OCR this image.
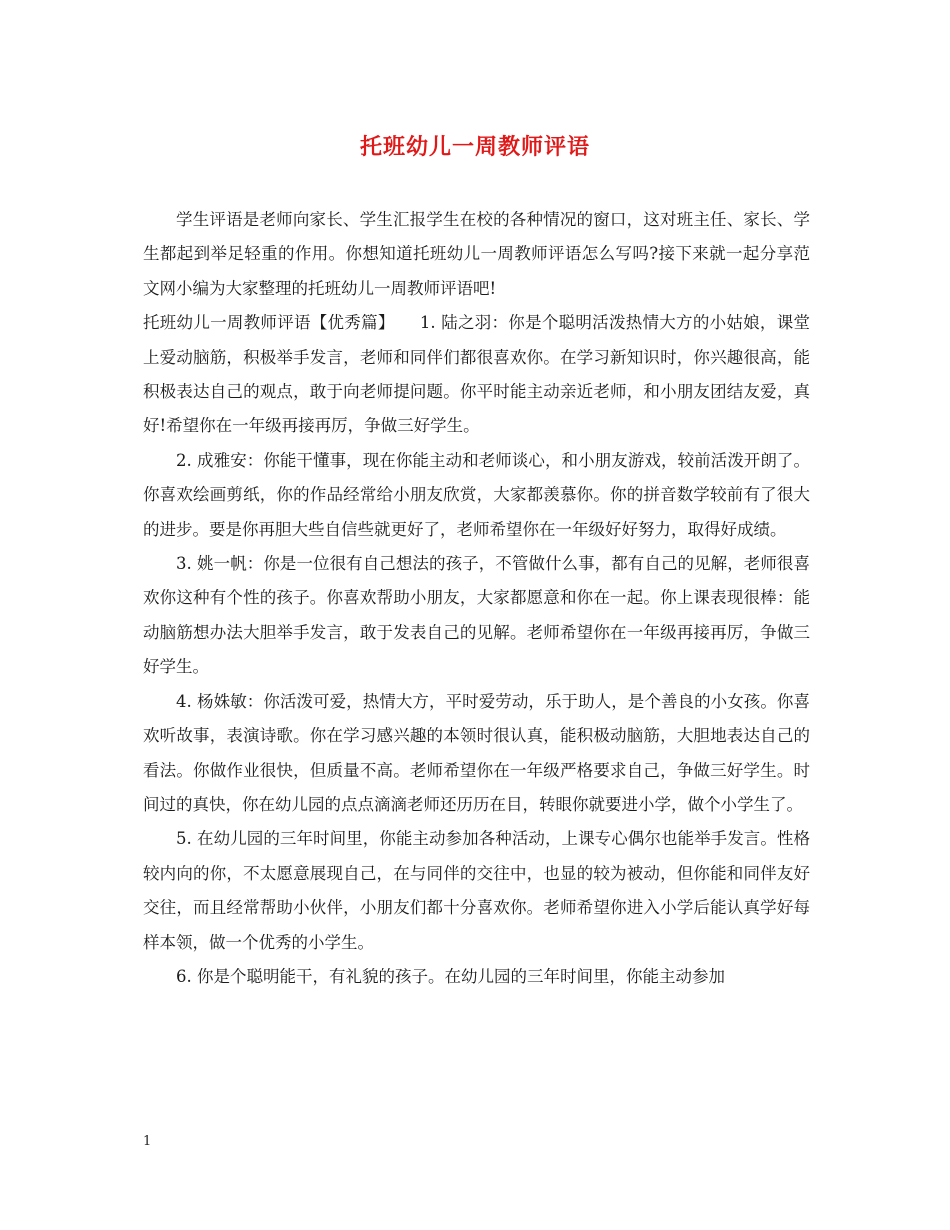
托班幼儿一周教师评语

学生评语是老师向家长、学生汇报学生在校的各种情况的窗口，这对班主任、家长、学生都起到举足轻重的作用。你想知道托班幼儿一周教师评语怎么写吗?接下来就一起分享范文网小编为大家整理的托班幼儿一周教师评语吧!

托班幼儿一周教师评语【优秀篇】　　1. 陆之羽：你是个聪明活泼热情大方的小姑娘，课堂上爱动脑筋，积极举手发言，老师和同伴们都很喜欢你。在学习新知识时，你兴趣很高，能积极表达自己的观点，敢于向老师提问题。你平时能主动亲近老师，和小朋友团结友爱，真好!希望你在一年级再接再厉，争做三好学生。

2. 成雅安：你能干懂事，现在你能主动和老师谈心，和小朋友游戏，较前活泼开朗了。你喜欢绘画剪纸，你的作品经常给小朋友欣赏，大家都羡慕你。你的拼音数学较前有了很大的进步。要是你再胆大些自信些就更好了，老师希望你在一年级好好努力，取得好成绩。

3. 姚一帆：你是一位很有自己想法的孩子，不管做什么事，都有自己的见解，老师很喜欢你这种有个性的孩子。你喜欢帮助小朋友，大家都愿意和你在一起。你上课表现很棒：能动脑筋想办法大胆举手发言，敢于发表自己的见解。老师希望你在一年级再接再厉，争做三好学生。

4. 杨姝敏：你活泼可爱，热情大方，平时爱劳动，乐于助人，是个善良的小女孩。你喜欢听故事，表演诗歌。你在学习感兴趣的本领时很认真，能积极动脑筋，大胆地表达自己的看法。你做作业很快，但质量不高。老师希望你在一年级严格要求自己，争做三好学生。时间过的真快，你在幼儿园的点点滴滴老师还历历在目，转眼你就要进小学，做个小学生了。

5. 在幼儿园的三年时间里，你能主动参加各种活动，上课专心偶尔也能举手发言。性格较内向的你，不太愿意展现自己，在与同伴的交往中，也显的较为被动，但你能和同伴友好交往，而且经常帮助小伙伴，小朋友们都十分喜欢你。老师希望你进入小学后能认真学好每样本领，做一个优秀的小学生。

6. 你是个聪明能干，有礼貌的孩子。在幼儿园的三年时间里，你能主动参加

1
